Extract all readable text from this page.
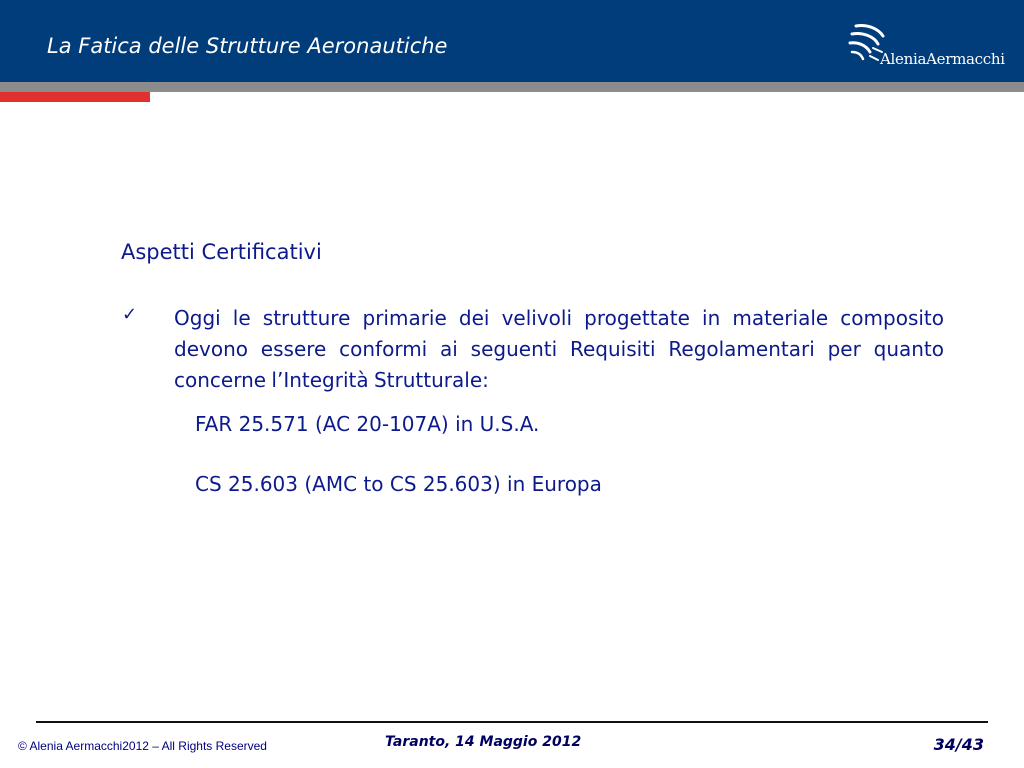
La Fatica delle Strutture Aeronautiche
AleniaAermacchi
Aspetti Certificativi
✓ Oggi le strutture primarie dei velivoli progettate in materiale composito devono essere conformi ai seguenti Requisiti Regolamentari per quanto concerne l’Integrità Strutturale:
FAR 25.571 (AC 20-107A) in U.S.A.
CS 25.603 (AMC to CS 25.603) in Europa
© Alenia Aermacchi2012 – All Rights Reserved	Taranto, 14 Maggio 2012	34/43
